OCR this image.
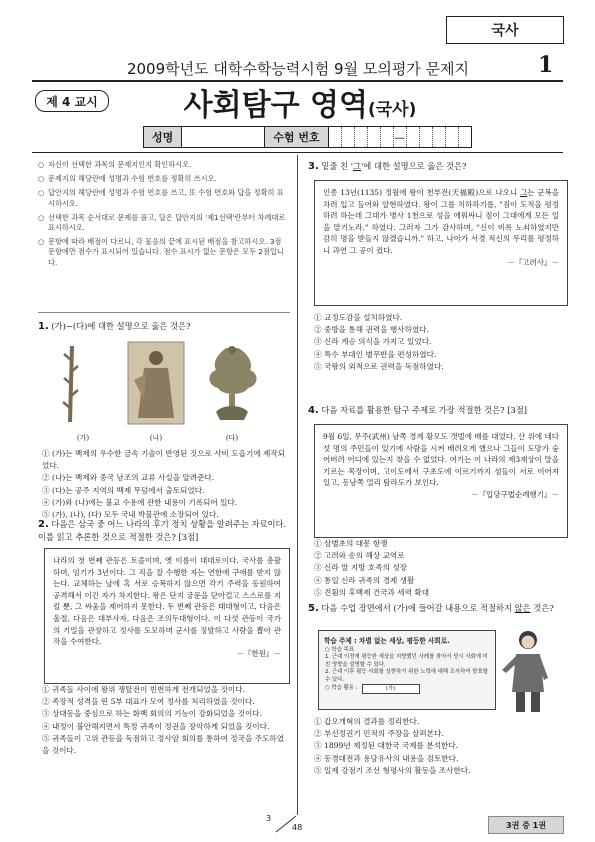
국사
2009학년도 대학수학능력시험 9월 모의평가 문제지	1
제 4 교시	사회탐구 영역(국사)
성명	수험 번호	—
○ 자신이 선택한 과목의 문제지인지 확인하시오.
○ 문제지의 해당란에 성명과 수험 번호를 정확히 쓰시오.
○ 답안지의 해당란에 성명과 수험 번호를 쓰고, 또 수험 번호와 답을 정확히 표시하시오.
○ 선택한 과목 순서대로 문제를 풀고, 답은 답안지의 '제1선택'란부터 차례대로 표시하시오.
○ 문항에 따라 배점이 다르니, 각 물음의 끝에 표시된 배점을 참고하시오. 3점 문항에만 점수가 표시되어 있습니다. 점수 표시가 없는 문항은 모두 2점입니다.
1. (가)~(다)에 대한 설명으로 옳은 것은?
(가)	(나)	(다)
① (가)는 백제의 우수한 금속 기술이 반영된 것으로 사비 도읍기에 제작되었다.
② (나)는 백제와 중국 남조의 교류 사실을 알려준다.
③ (다)는 공주 지역의 백제 무덤에서 출토되었다.
④ (가)와 (나)에는 불교 수용에 관한 내용이 기록되어 있다.
⑤ (가), (나), (다) 모두 국내 박물관에 소장되어 있다.
2. 다음은 삼국 중 어느 나라의 후기 정치 상황을 알려주는 자료이다. 이를 읽고 추론한 것으로 적절한 것은? [3점]
나라의 첫 번째 관등은 토졸이며, 옛 이름이 대대로이다. 국사를 총괄하며, 임기가 3년이다. 그 직을 잘 수행한 자는 연한에 구애를 받지 않는다. 교체하는 날에 혹 서로 승복하지 않으면 각기 주력을 동원하여 공격해서 이긴 자가 차지한다. 왕은 단지 궁문을 닫아걸고 스스로를 지킬 뿐, 그 싸움을 제어하지 못한다. 두 번째 관등은 태대형이고, 다음은 울절, 다음은 대부사자, 다음은 조의두대형이다. 이 다섯 관등이 국가의 기밀을 관장하고 정사를 도모하며 군사를 징발하고 사람을 뽑아 관작을 수여한다.
－『한원』－
① 귀족들 사이에 왕위 쟁탈전이 빈번하게 전개되었을 것이다.
② 족장적 성격을 띤 5부 대표가 모여 정사를 처리하였을 것이다.
③ 상대등을 중심으로 하는 화백 회의의 기능이 강화되었을 것이다.
④ 내정이 불안해지면서 특정 귀족이 정권을 장악하게 되었을 것이다.
⑤ 귀족들이 고위 관등을 독점하고 정사암 회의를 통하여 정국을 주도하였을 것이다.
3. 밑줄 친 '그'에 대한 설명으로 옳은 것은?
인종 13년(1135) 정월에 왕이 천부전(天福殿)으로 나오니 그는 군복을 차려 입고 들어와 알현하였다. 왕이 그를 치하하기를, "짐이 도적을 평정하려 하는데 그대가 병사 1천으로 성을 에워싸니 짐이 그대에게 모든 일을 맡기노라." 하였다. 그러자 그가 감사하며, "신이 비록 노쇠하였지만 감히 명을 받들지 않겠습니까." 하고, 나아가 서경 적신의 무리를 평정하니 과연 그 공이 컸다.
－『고려사』－
① 교정도감을 설치하였다.
② 중방을 통해 권력을 행사하였다.
③ 신라 계승 의식을 가지고 있었다.
④ 특수 부대인 별무반을 편성하였다.
⑤ 국왕의 외척으로 권력을 독점하였다.
4. 다음 자료를 활용한 탐구 주제로 가장 적절한 것은? [3점]
9월 6일, 무주(武州) 남쪽 경계 황모도 갯벌에 배를 대었다. 산 위에 네다섯 명의 주민들이 있기에 사람을 시켜 배려오게 했으나 그들이 도망가 숨어버려 어디에 있는지 찾을 수 없었다. 여기는 이 나라의 제3재상이 말을 기르는 목장이며, 고이도에서 구초도에 이르기까지 섬들이 서로 이어져 있고, 동남쪽 멀리 탐라도가 보인다.
－『입당구법순례행기』－
① 삼별초의 대몽 항쟁
② 고려와 송의 해상 교역로
③ 신라 말 지방 호족의 성장
④ 통일 신라 귀족의 경제 생활
⑤ 견훤의 후백제 건국과 세력 확대
5. 다음 수업 장면에서 (가)에 들어갈 내용으로 적절하지 않은 것은?
학습 주제 : 차별 없는 세상, 평등한 사회로.
○ 학습 목표
1. 근대 이전에 평등한 세상을 지향했던 사례를 찾아서 당시 사회에 미친 영향을 설명할 수 있다.
2. 근대 이후 평등 사회를 실현하기 위한 노력에 대해 조사하여 발표할 수 있다.
○ 학습 활동 :	(가)
① 갑오개혁의 결과를 정리한다.
② 부신정권기 민적의 주장을 살펴본다.
③ 1899년 제정된 대한국 국제를 분석한다.
④ 동경대전과 용담유사의 내용을 검토한다.
⑤ 일제 강점기 조선 형평사의 활동을 조사한다.
3
48	3권 중 1권
